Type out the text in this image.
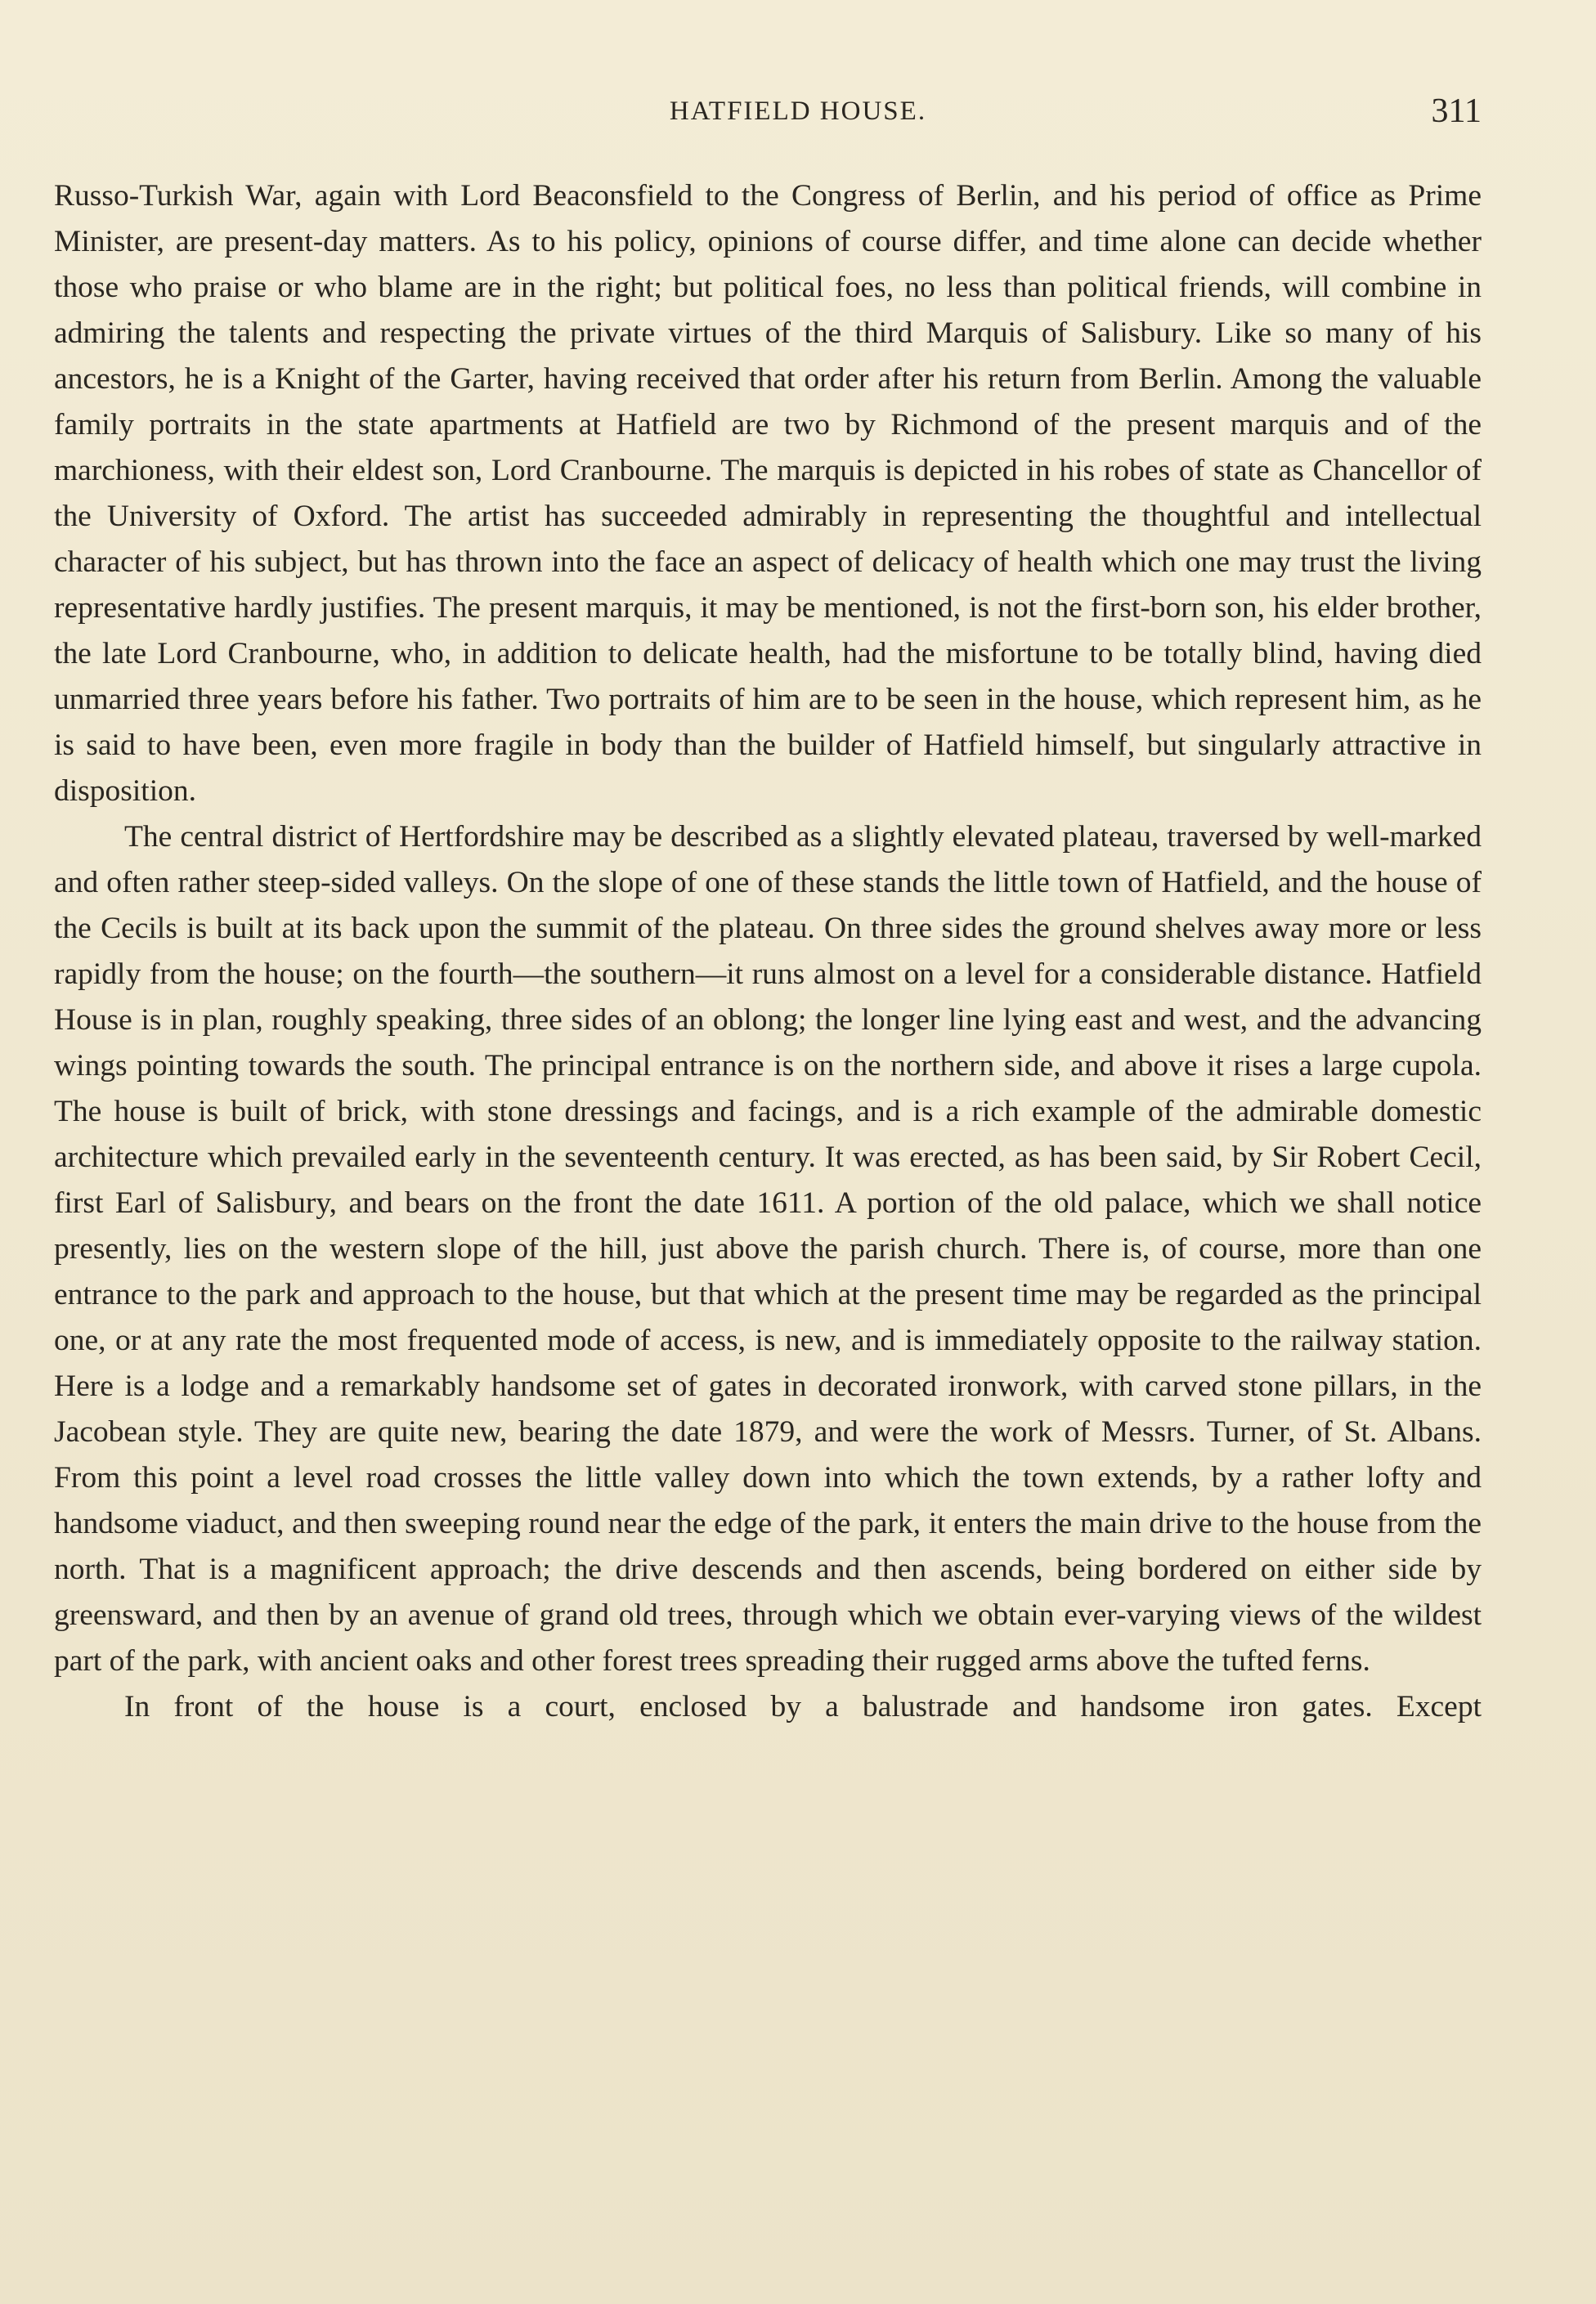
HATFIELD HOUSE.	311

Russo-Turkish War, again with Lord Beaconsfield to the Congress of Berlin, and his period of office as Prime Minister, are present-day matters. As to his policy, opinions of course differ, and time alone can decide whether those who praise or who blame are in the right; but political foes, no less than political friends, will combine in admiring the talents and respecting the private virtues of the third Marquis of Salisbury. Like so many of his ancestors, he is a Knight of the Garter, having received that order after his return from Berlin. Among the valuable family portraits in the state apartments at Hatfield are two by Richmond of the present marquis and of the marchioness, with their eldest son, Lord Cranbourne. The marquis is depicted in his robes of state as Chancellor of the University of Oxford. The artist has succeeded admirably in representing the thoughtful and intellectual character of his subject, but has thrown into the face an aspect of delicacy of health which one may trust the living representative hardly justifies. The present marquis, it may be mentioned, is not the first-born son, his elder brother, the late Lord Cranbourne, who, in addition to delicate health, had the misfortune to be totally blind, having died unmarried three years before his father. Two portraits of him are to be seen in the house, which represent him, as he is said to have been, even more fragile in body than the builder of Hatfield himself, but singularly attractive in disposition.

The central district of Hertfordshire may be described as a slightly elevated plateau, traversed by well-marked and often rather steep-sided valleys. On the slope of one of these stands the little town of Hatfield, and the house of the Cecils is built at its back upon the summit of the plateau. On three sides the ground shelves away more or less rapidly from the house; on the fourth—the southern—it runs almost on a level for a considerable distance. Hatfield House is in plan, roughly speaking, three sides of an oblong; the longer line lying east and west, and the advancing wings pointing towards the south. The principal entrance is on the northern side, and above it rises a large cupola. The house is built of brick, with stone dressings and facings, and is a rich example of the admirable domestic architecture which prevailed early in the seventeenth century. It was erected, as has been said, by Sir Robert Cecil, first Earl of Salisbury, and bears on the front the date 1611. A portion of the old palace, which we shall notice presently, lies on the western slope of the hill, just above the parish church. There is, of course, more than one entrance to the park and approach to the house, but that which at the present time may be regarded as the principal one, or at any rate the most frequented mode of access, is new, and is immediately opposite to the railway station. Here is a lodge and a remarkably handsome set of gates in decorated ironwork, with carved stone pillars, in the Jacobean style. They are quite new, bearing the date 1879, and were the work of Messrs. Turner, of St. Albans. From this point a level road crosses the little valley down into which the town extends, by a rather lofty and handsome viaduct, and then sweeping round near the edge of the park, it enters the main drive to the house from the north. That is a magnificent approach; the drive descends and then ascends, being bordered on either side by greensward, and then by an avenue of grand old trees, through which we obtain ever-varying views of the wildest part of the park, with ancient oaks and other forest trees spreading their rugged arms above the tufted ferns.

In front of the house is a court, enclosed by a balustrade and handsome iron gates. Except
